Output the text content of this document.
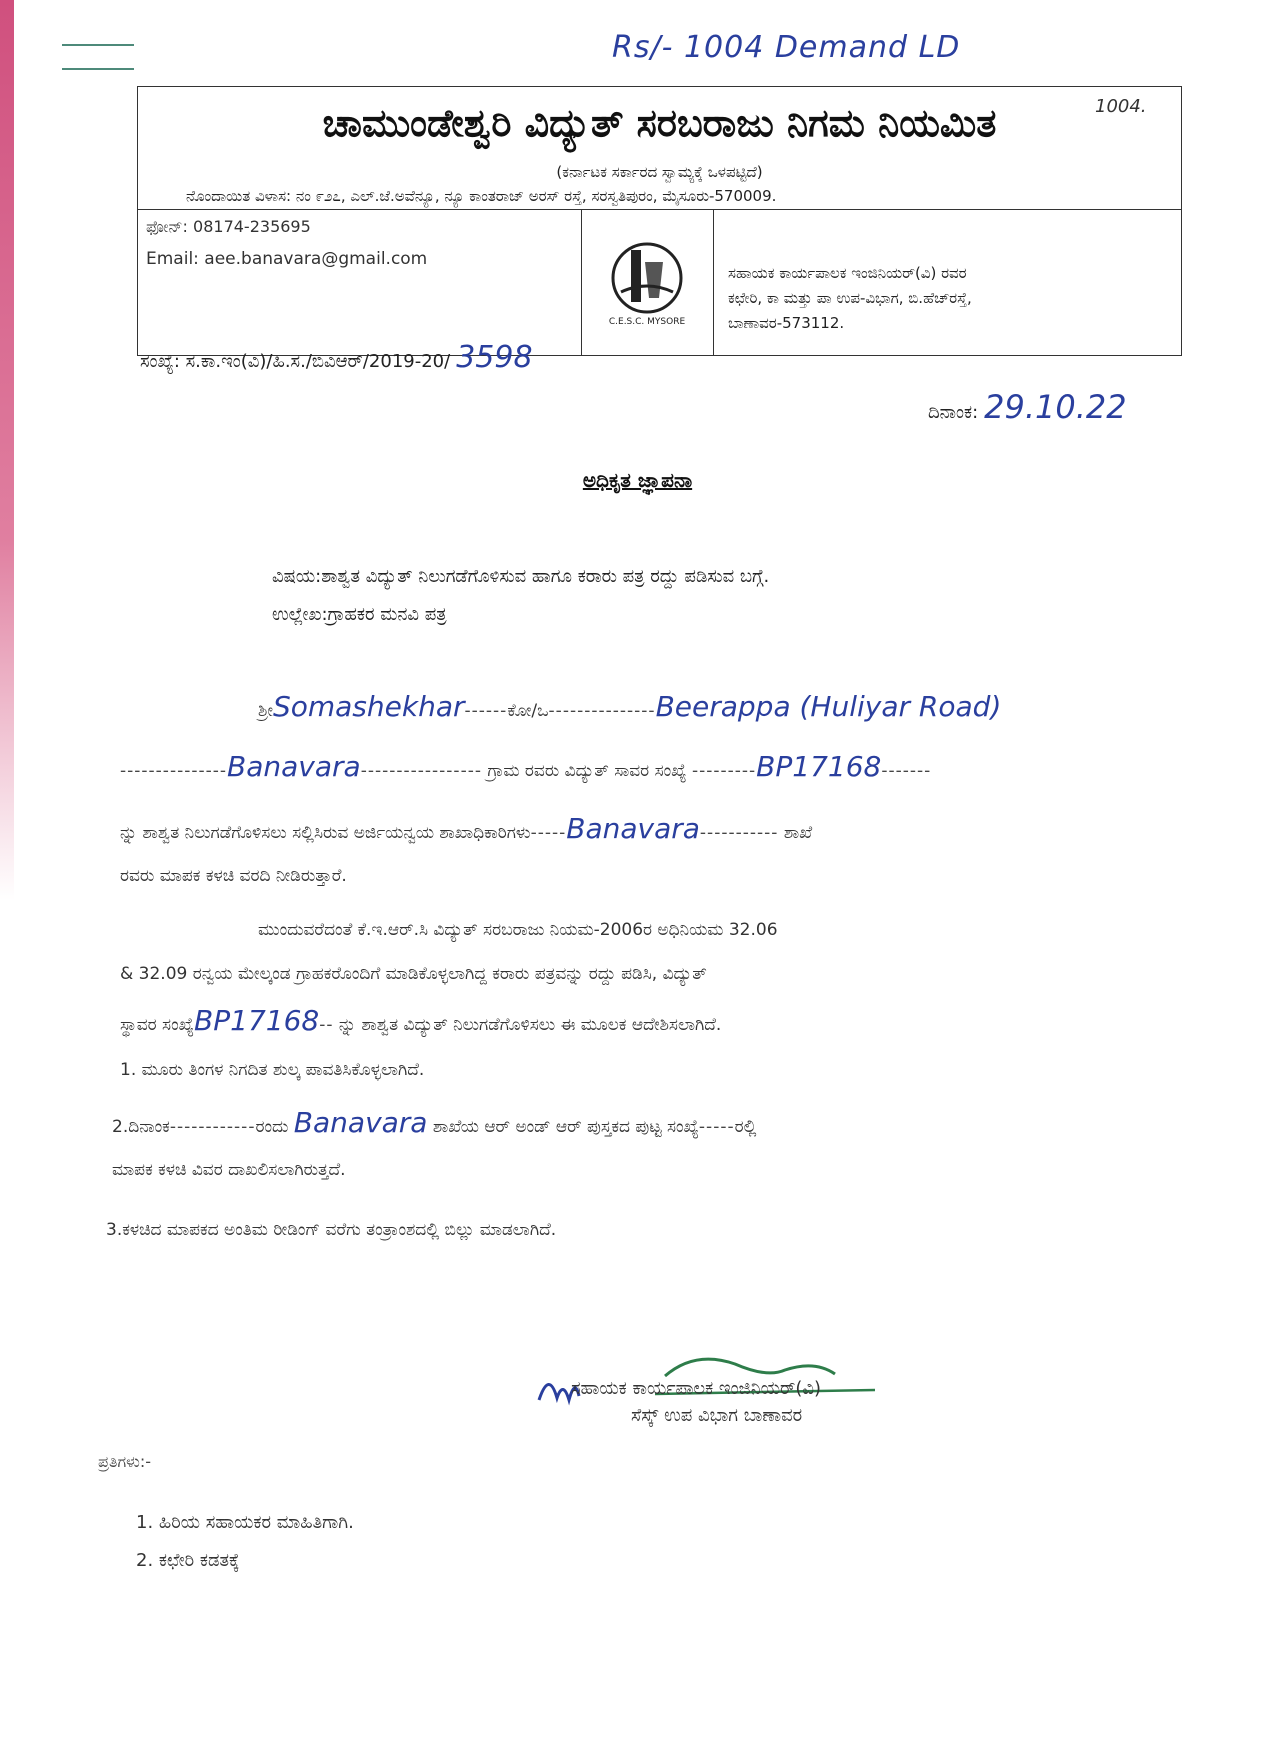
Rs/- 1004 Demand LD
1004.
ಚಾಮುಂಡೇಶ್ವರಿ ವಿದ್ಯುತ್ ಸರಬರಾಜು ನಿಗಮ ನಿಯಮಿತ
(ಕರ್ನಾಟಕ ಸರ್ಕಾರದ ಸ್ವಾಮ್ಯಕ್ಕೆ ಒಳಪಟ್ಟಿದೆ)
ನೊಂದಾಯಿತ ವಿಳಾಸ: ನಂ ೯೨೭, ಎಲ್.ಜೆ.ಅವೆನ್ಯೂ, ನ್ಯೂ ಕಾಂತರಾಜ್ ಅರಸ್ ರಸ್ತೆ, ಸರಸ್ವತಿಪುರಂ, ಮೈಸೂರು-570009.
ಫೋನ್: 08174-235695
Email: aee.banavara@gmail.com
C.E.S.C. MYSORE
ಸಹಾಯಕ ಕಾರ್ಯಪಾಲಕ ಇಂಜಿನಿಯರ್(ವಿ) ರವರ
ಕಛೇರಿ, ಕಾ ಮತ್ತು ಪಾ ಉಪ-ವಿಭಾಗ, ಬಿ.ಹೆಚ್‌ರಸ್ತೆ,
ಬಾಣಾವರ-573112.
ಸಂಖ್ಯೆ: ಸ.ಕಾ.ಇಂ(ವಿ)/ಹಿ.ಸ./ಬಿವಿಆರ್/2019-20/ 3598
ದಿನಾಂಕ: 29.10.22
ಅಧಿಕೃತ ಜ್ಞಾಪನಾ
ವಿಷಯ:ಶಾಶ್ವತ ವಿದ್ಯುತ್ ನಿಲುಗಡೆಗೊಳಿಸುವ ಹಾಗೂ ಕರಾರು ಪತ್ರ ರದ್ದು ಪಡಿಸುವ ಬಗ್ಗೆ.
ಉಲ್ಲೇಖ:ಗ್ರಾಹಕರ ಮನವಿ ಪತ್ರ
ಶ್ರೀSomashekhar------ಕೋ/ಒ---------------Beerappa (Huliyar Road)
---------------Banavara----------------- ಗ್ರಾಮ ರವರು ವಿದ್ಯುತ್ ಸಾವರ ಸಂಖ್ಯೆ ---------BP17168-------
ನ್ನು ಶಾಶ್ವತ ನಿಲುಗಡೆಗೊಳಿಸಲು ಸಲ್ಲಿಸಿರುವ ಅರ್ಜಿಯನ್ವಯ ಶಾಖಾಧಿಕಾರಿಗಳು-----Banavara----------- ಶಾಖೆ
ರವರು ಮಾಪಕ ಕಳಚಿ ವರದಿ ನೀಡಿರುತ್ತಾರೆ.
ಮುಂದುವರೆದಂತೆ ಕೆ.ಇ.ಆರ್.ಸಿ ವಿದ್ಯುತ್ ಸರಬರಾಜು ನಿಯಮ-2006ರ ಅಧಿನಿಯಮ 32.06
& 32.09 ರನ್ವಯ ಮೇಲ್ಕಂಡ ಗ್ರಾಹಕರೊಂದಿಗೆ ಮಾಡಿಕೊಳ್ಳಲಾಗಿದ್ದ ಕರಾರು ಪತ್ರವನ್ನು ರದ್ದು ಪಡಿಸಿ, ವಿದ್ಯುತ್
ಸ್ಥಾವರ ಸಂಖ್ಯೆBP17168-- ನ್ನು ಶಾಶ್ವತ ವಿದ್ಯುತ್ ನಿಲುಗಡೆಗೊಳಿಸಲು ಈ ಮೂಲಕ ಆದೇಶಿಸಲಾಗಿದೆ.
1. ಮೂರು ತಿಂಗಳ ನಿಗದಿತ ಶುಲ್ಕ ಪಾವತಿಸಿಕೊಳ್ಳಲಾಗಿದೆ.
2.ದಿನಾಂಕ------------ರಂದು Banavara ಶಾಖೆಯ ಆರ್ ಅಂಡ್ ಆರ್ ಪುಸ್ತಕದ ಪುಟ್ಟ ಸಂಖ್ಯೆ-----ರಲ್ಲಿ
ಮಾಪಕ ಕಳಚಿ ವಿವರ ದಾಖಲಿಸಲಾಗಿರುತ್ತದೆ.
3.ಕಳಚಿದ ಮಾಪಕದ ಅಂತಿಮ ರೀಡಿಂಗ್ ವರೆಗು ತಂತ್ರಾಂಶದಲ್ಲಿ ಬಿಲ್ಲು ಮಾಡಲಾಗಿದೆ.
ಸಹಾಯಕ ಕಾರ್ಯಪಾಲಕ ಇಂಜಿನಿಯರ್(ವಿ)
ಸೆಸ್ಕ್ ಉಪ ವಿಭಾಗ ಬಾಣಾವರ
ಪ್ರತಿಗಳು:-
1. ಹಿರಿಯ ಸಹಾಯಕರ ಮಾಹಿತಿಗಾಗಿ.
2. ಕಛೇರಿ ಕಡತಕ್ಕೆ
